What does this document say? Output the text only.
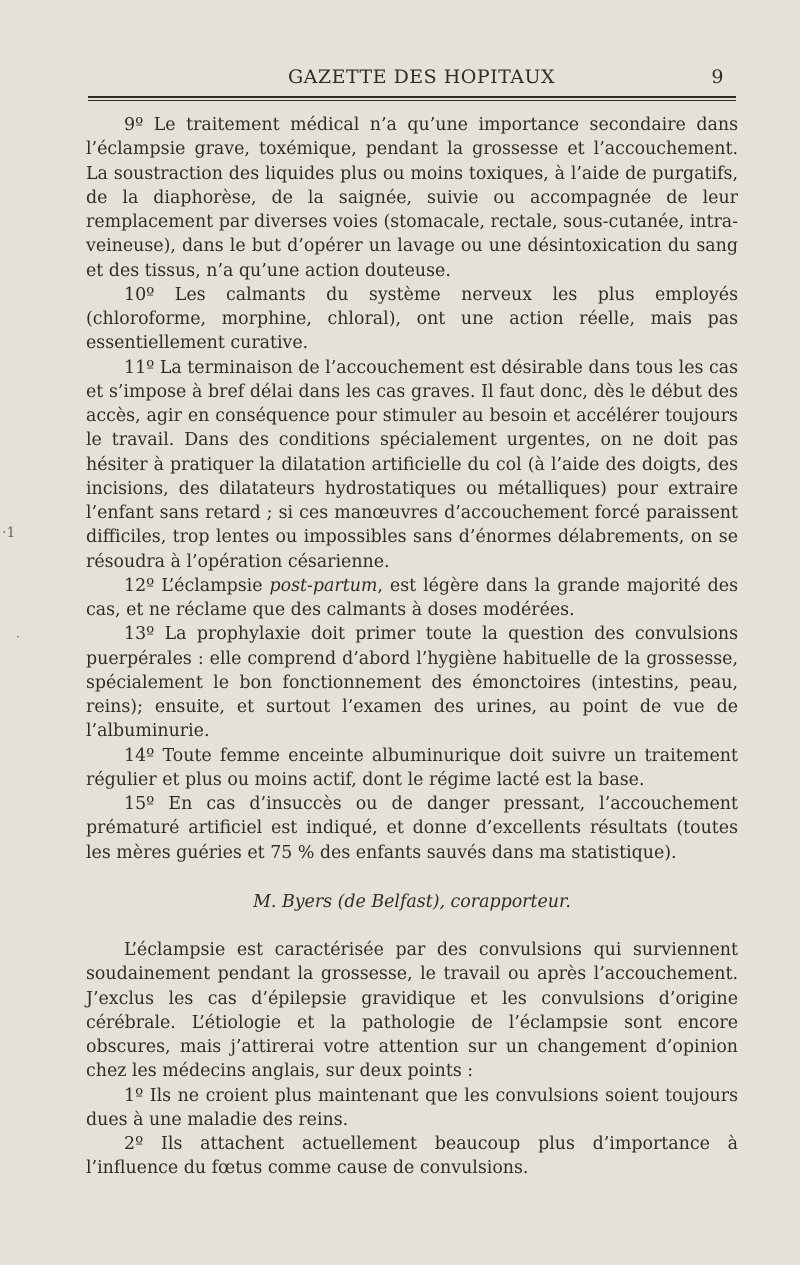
·1
·
GAZETTE DES HOPITAUX	9

9º Le traitement médical n’a qu’une importance secondaire dans l’éclampsie grave, toxémique, pendant la grossesse et l’accouchement. La soustraction des liquides plus ou moins toxiques, à l’aide de purgatifs, de la diaphorèse, de la saignée, suivie ou accompagnée de leur remplacement par diverses voies (stomacale, rectale, sous-cutanée, intra-veineuse), dans le but d’opérer un lavage ou une désintoxication du sang et des tissus, n’a qu’une action douteuse.

10º Les calmants du système nerveux les plus employés (chloroforme, morphine, chloral), ont une action réelle, mais pas essentiellement curative.

11º La terminaison de l’accouchement est désirable dans tous les cas et s’impose à bref délai dans les cas graves. Il faut donc, dès le début des accès, agir en conséquence pour stimuler au besoin et accélérer toujours le travail. Dans des conditions spécialement urgentes, on ne doit pas hésiter à pratiquer la dilatation artificielle du col (à l’aide des doigts, des incisions, des dilatateurs hydrostatiques ou métalliques) pour extraire l’enfant sans retard ; si ces manœuvres d’accouchement forcé paraissent difficiles, trop lentes ou impossibles sans d’énormes délabrements, on se résoudra à l’opération césarienne.

12º L’éclampsie post-partum, est légère dans la grande majorité des cas, et ne réclame que des calmants à doses modérées.

13º La prophylaxie doit primer toute la question des convulsions puerpérales : elle comprend d’abord l’hygiène habituelle de la grossesse, spécialement le bon fonctionnement des émonctoires (intestins, peau, reins); ensuite, et surtout l’examen des urines, au point de vue de l’albuminurie.

14º Toute femme enceinte albuminurique doit suivre un traitement régulier et plus ou moins actif, dont le régime lacté est la base.

15º En cas d’insuccès ou de danger pressant, l’accouchement prématuré artificiel est indiqué, et donne d’excellents résultats (toutes les mères guéries et 75 % des enfants sauvés dans ma statistique).

M. Byers (de Belfast), corapporteur.

L’éclampsie est caractérisée par des convulsions qui surviennent soudainement pendant la grossesse, le travail ou après l’accouchement. J’exclus les cas d’épilepsie gravidique et les convulsions d’origine cérébrale. L’étiologie et la pathologie de l’éclampsie sont encore obscures, mais j’attirerai votre attention sur un changement d’opinion chez les médecins anglais, sur deux points :

1º Ils ne croient plus maintenant que les convulsions soient toujours dues à une maladie des reins.

2º Ils attachent actuellement beaucoup plus d’importance à l’influence du fœtus comme cause de convulsions.
